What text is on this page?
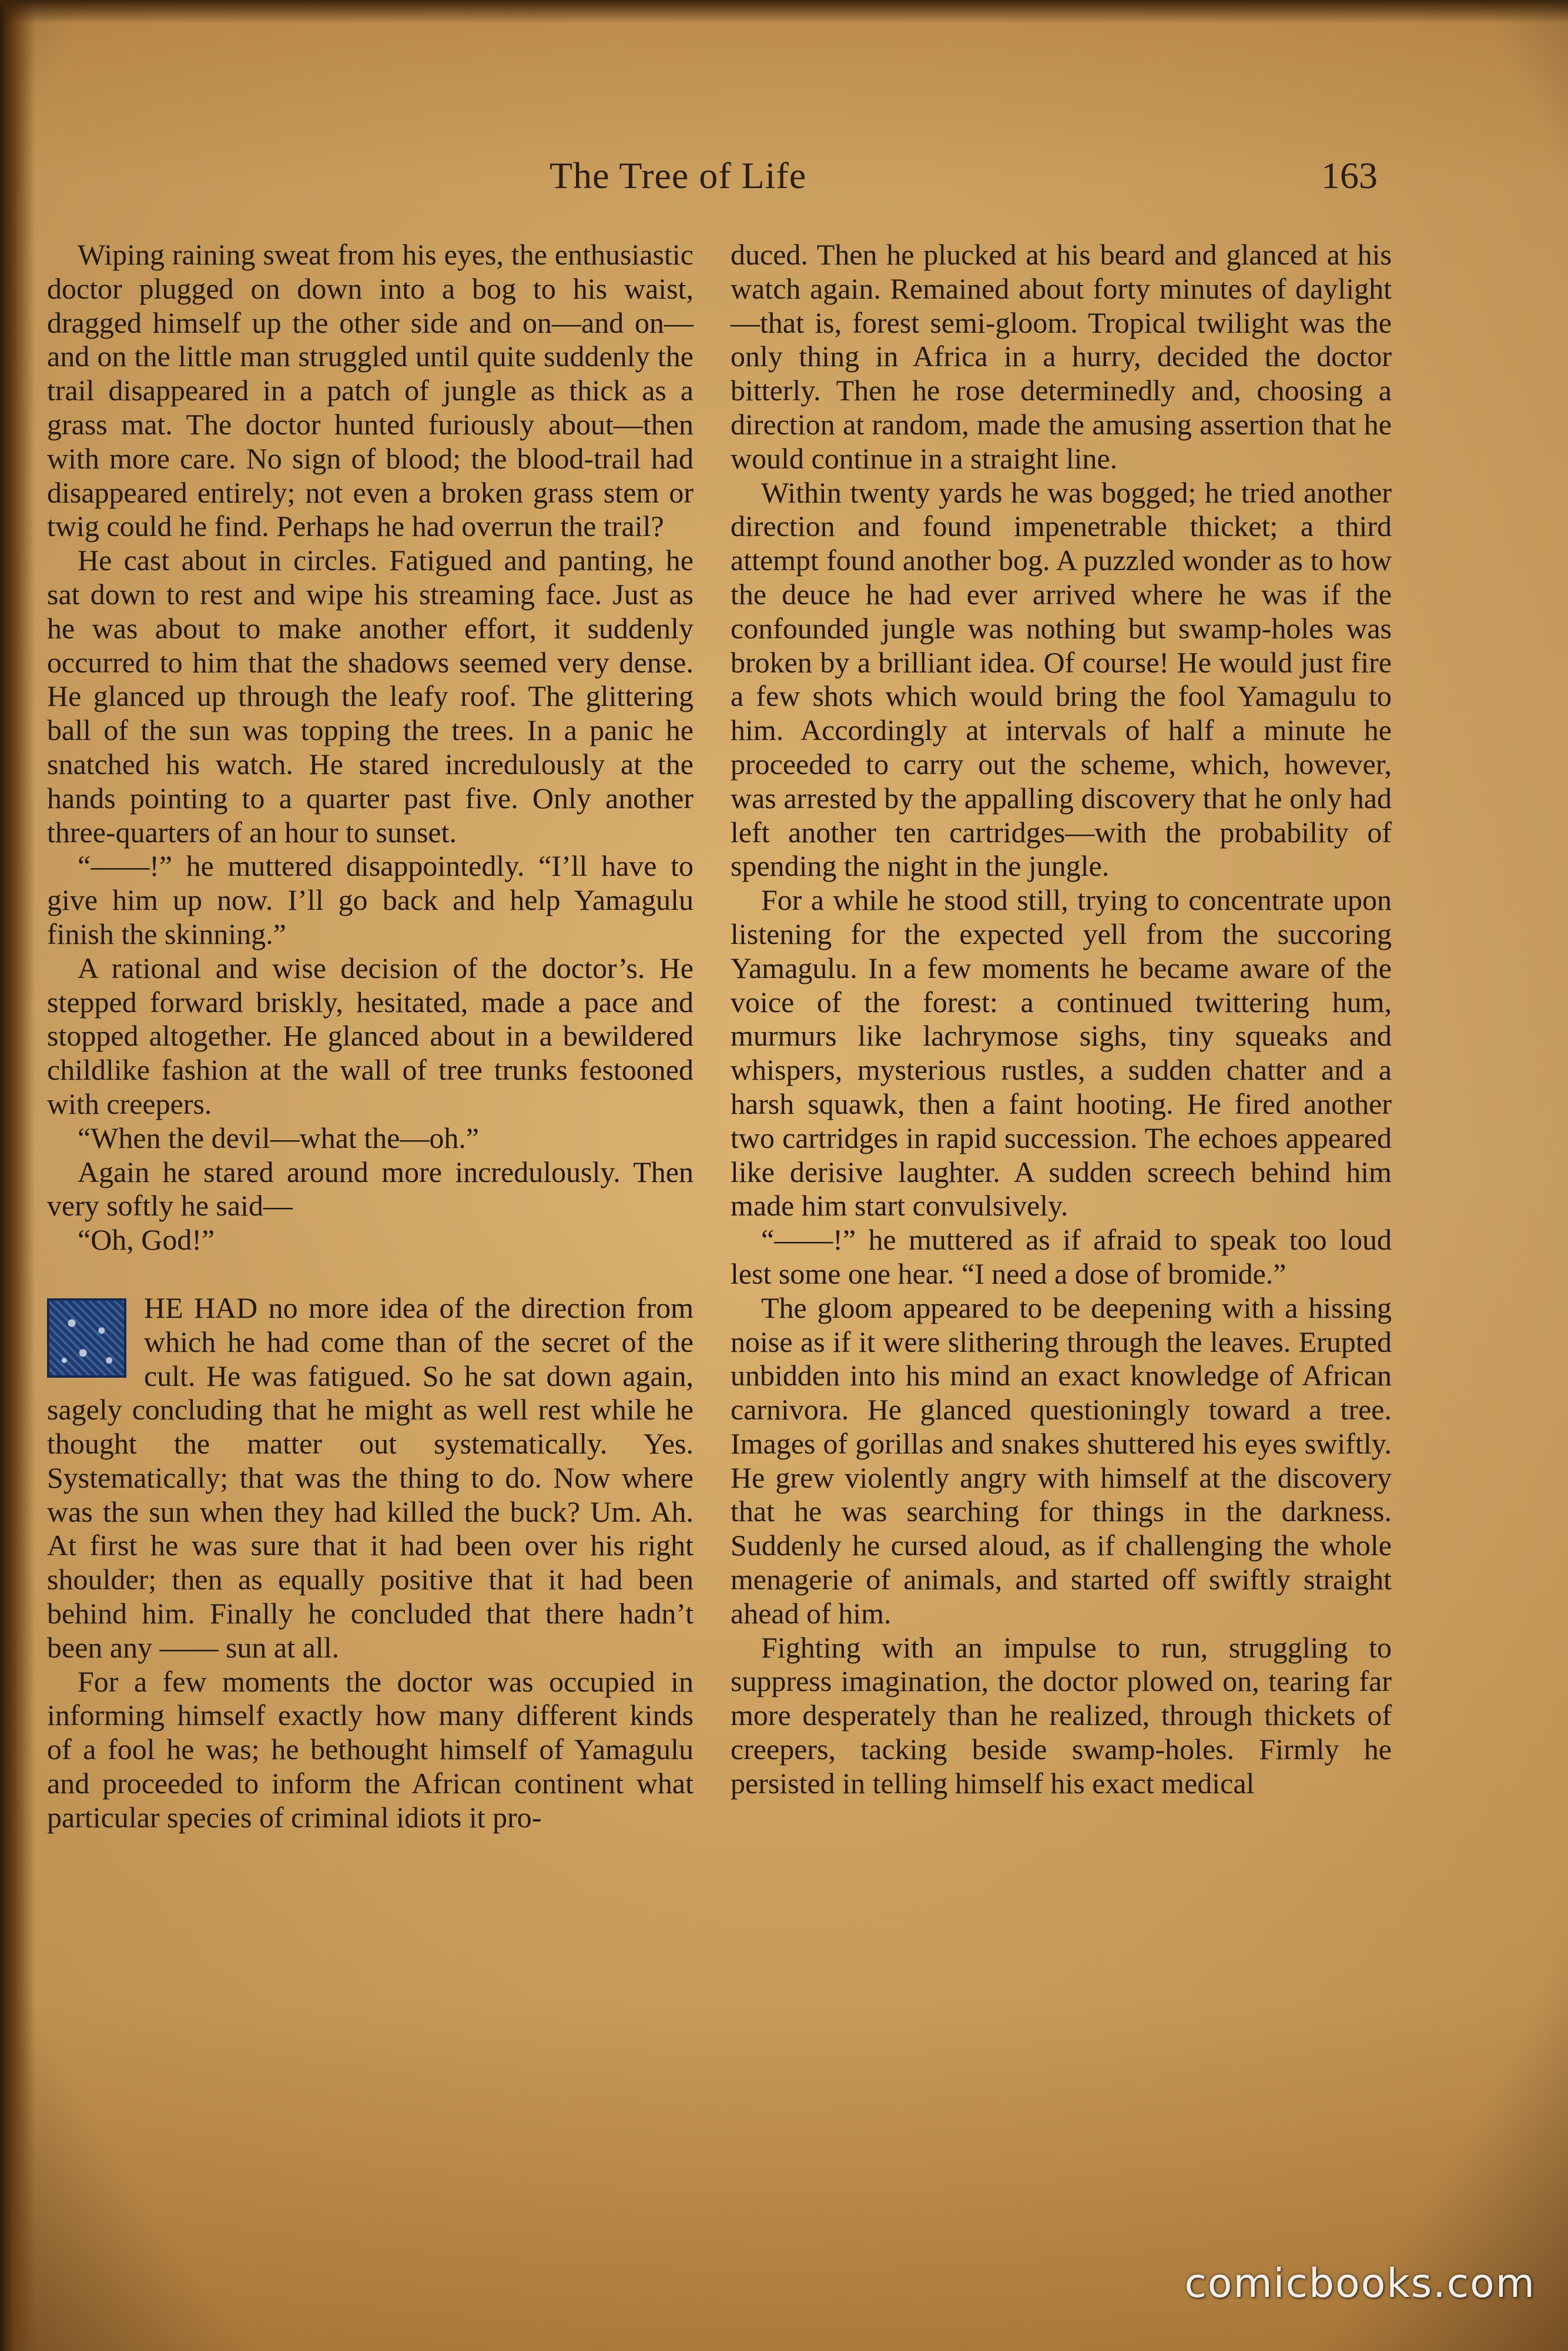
The Tree of Life	163

Wiping raining sweat from his eyes, the enthusiastic doctor plugged on down into a bog to his waist, dragged himself up the other side and on—and on—and on the little man struggled until quite suddenly the trail disappeared in a patch of jungle as thick as a grass mat. The doctor hunted furiously about—then with more care. No sign of blood; the blood-trail had disappeared entirely; not even a broken grass stem or twig could he find. Perhaps he had overrun the trail?

He cast about in circles. Fatigued and panting, he sat down to rest and wipe his streaming face. Just as he was about to make another effort, it suddenly occurred to him that the shadows seemed very dense. He glanced up through the leafy roof. The glittering ball of the sun was topping the trees. In a panic he snatched his watch. He stared incredulously at the hands pointing to a quarter past five. Only another three-quarters of an hour to sunset.

“——!” he muttered disappointedly. “I’ll have to give him up now. I’ll go back and help Yamagulu finish the skinning.”

A rational and wise decision of the doctor’s. He stepped forward briskly, hesitated, made a pace and stopped altogether. He glanced about in a bewildered childlike fashion at the wall of tree trunks festooned with creepers.

“When the devil—what the—oh.”

Again he stared around more incredulously. Then very softly he said—

“Oh, God!”

HE HAD no more idea of the direction from which he had come than of the secret of the cult. He was fatigued. So he sat down again, sagely concluding that he might as well rest while he thought the matter out systematically. Yes. Systematically; that was the thing to do. Now where was the sun when they had killed the buck? Um. Ah. At first he was sure that it had been over his right shoulder; then as equally positive that it had been behind him. Finally he concluded that there hadn’t been any —— sun at all.

For a few moments the doctor was occupied in informing himself exactly how many different kinds of a fool he was; he bethought himself of Yamagulu and proceeded to inform the African continent what particular species of criminal idiots it pro-

duced. Then he plucked at his beard and glanced at his watch again. Remained about forty minutes of daylight—that is, forest semi-gloom. Tropical twilight was the only thing in Africa in a hurry, decided the doctor bitterly. Then he rose determinedly and, choosing a direction at random, made the amusing assertion that he would continue in a straight line.

Within twenty yards he was bogged; he tried another direction and found impenetrable thicket; a third attempt found another bog. A puzzled wonder as to how the deuce he had ever arrived where he was if the confounded jungle was nothing but swamp-holes was broken by a brilliant idea. Of course! He would just fire a few shots which would bring the fool Yamagulu to him. Accordingly at intervals of half a minute he proceeded to carry out the scheme, which, however, was arrested by the appalling discovery that he only had left another ten cartridges—with the probability of spending the night in the jungle.

For a while he stood still, trying to concentrate upon listening for the expected yell from the succoring Yamagulu. In a few moments he became aware of the voice of the forest: a continued twittering hum, murmurs like lachrymose sighs, tiny squeaks and whispers, mysterious rustles, a sudden chatter and a harsh squawk, then a faint hooting. He fired another two cartridges in rapid succession. The echoes appeared like derisive laughter. A sudden screech behind him made him start convulsively.

“——!” he muttered as if afraid to speak too loud lest some one hear. “I need a dose of bromide.”

The gloom appeared to be deepening with a hissing noise as if it were slithering through the leaves. Erupted unbidden into his mind an exact knowledge of African carnivora. He glanced questioningly toward a tree. Images of gorillas and snakes shuttered his eyes swiftly. He grew violently angry with himself at the discovery that he was searching for things in the darkness. Suddenly he cursed aloud, as if challenging the whole menagerie of animals, and started off swiftly straight ahead of him.

Fighting with an impulse to run, struggling to suppress imagination, the doctor plowed on, tearing far more desperately than he realized, through thickets of creepers, tacking beside swamp-holes. Firmly he persisted in telling himself his exact medical

comicbooks.com
